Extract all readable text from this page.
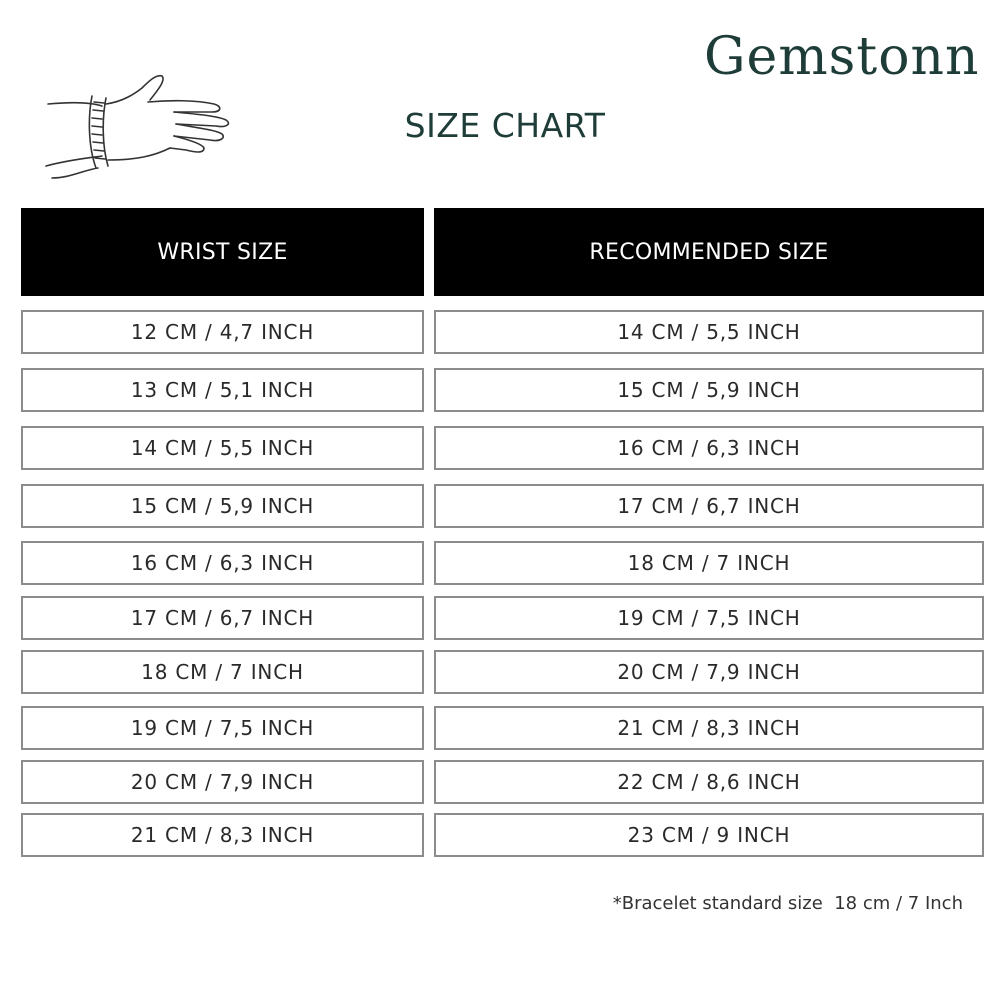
Gemstonn
SIZE CHART
WRIST SIZE	RECOMMENDED SIZE
12 CM / 4,7 INCH	14 CM / 5,5 INCH
13 CM / 5,1 INCH	15 CM / 5,9 INCH
14 CM / 5,5 INCH	16 CM / 6,3 INCH
15 CM / 5,9 INCH	17 CM / 6,7 INCH
16 CM / 6,3 INCH	18 CM / 7 INCH
17 CM / 6,7 INCH	19 CM / 7,5 INCH
18 CM / 7 INCH	20 CM / 7,9 INCH
19 CM / 7,5 INCH	21 CM / 8,3 INCH
20 CM / 7,9 INCH	22 CM / 8,6 INCH
21 CM / 8,3 INCH	23 CM / 9 INCH
*Bracelet standard size  18 cm / 7 Inch
